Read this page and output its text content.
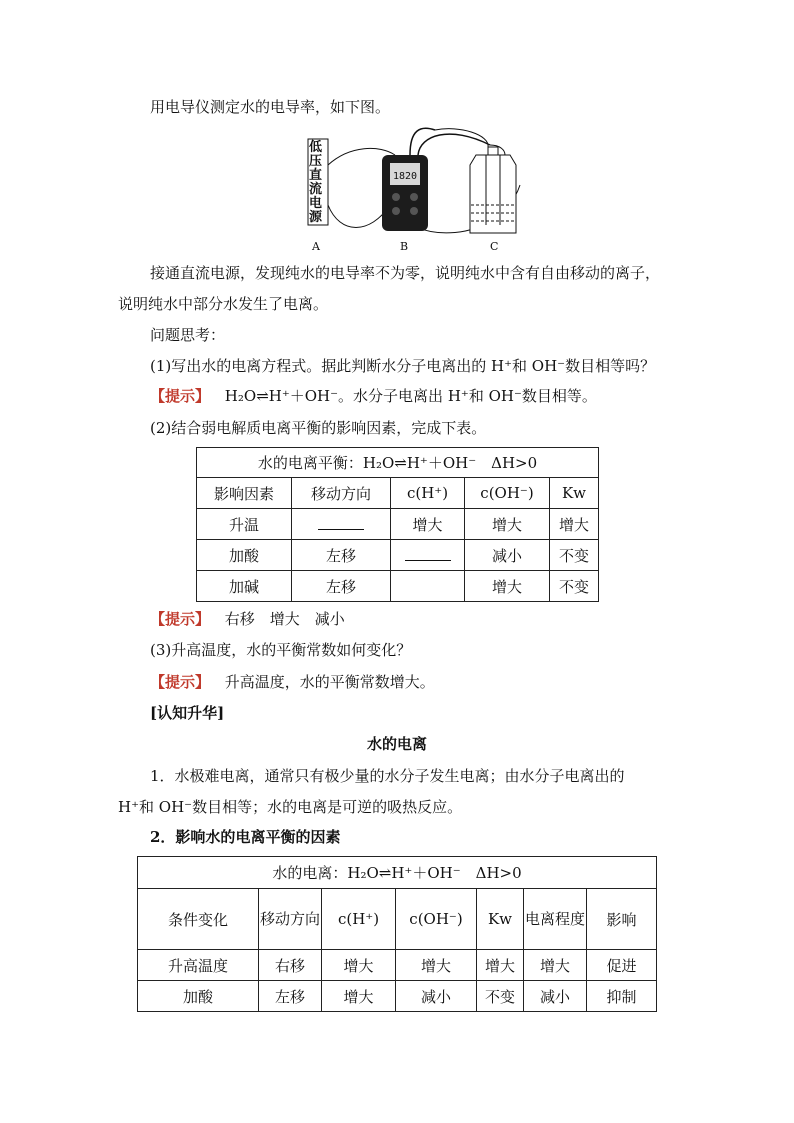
用电导仪测定水的电导率，如下图。
1820
低压直流电源
A	B	C
接通直流电源，发现纯水的电导率不为零，说明纯水中含有自由移动的离子，
说明纯水中部分水发生了电离。
问题思考：
(1)写出水的电离方程式。据此判断水分子电离出的 H⁺和 OH⁻数目相等吗？
【提示】 H₂O⇌H⁺＋OH⁻。水分子电离出 H⁺和 OH⁻数目相等。
(2)结合弱电解质电离平衡的影响因素，完成下表。
水的电离平衡：H₂O⇌H⁺＋OH⁻　ΔH>0				
影响因素	移动方向	c(H⁺)	c(OH⁻)	Kw
升温		增大	增大	增大
加酸	左移		减小	不变
加碱	左移		增大	不变
【提示】 右移　增大　减小
(3)升高温度，水的平衡常数如何变化？
【提示】 升高温度，水的平衡常数增大。
[认知升华]
水的电离
1．水极难电离，通常只有极少量的水分子发生电离；由水分子电离出的
H⁺和 OH⁻数目相等；水的电离是可逆的吸热反应。
2．影响水的电离平衡的因素
水的电离：H₂O⇌H⁺＋OH⁻　ΔH>0						
条件变化	移动方向	c(H⁺)	c(OH⁻)	Kw	电离程度	影响
升高温度	右移	增大	增大	增大	增大	促进
加酸	左移	增大	减小	不变	减小	抑制
